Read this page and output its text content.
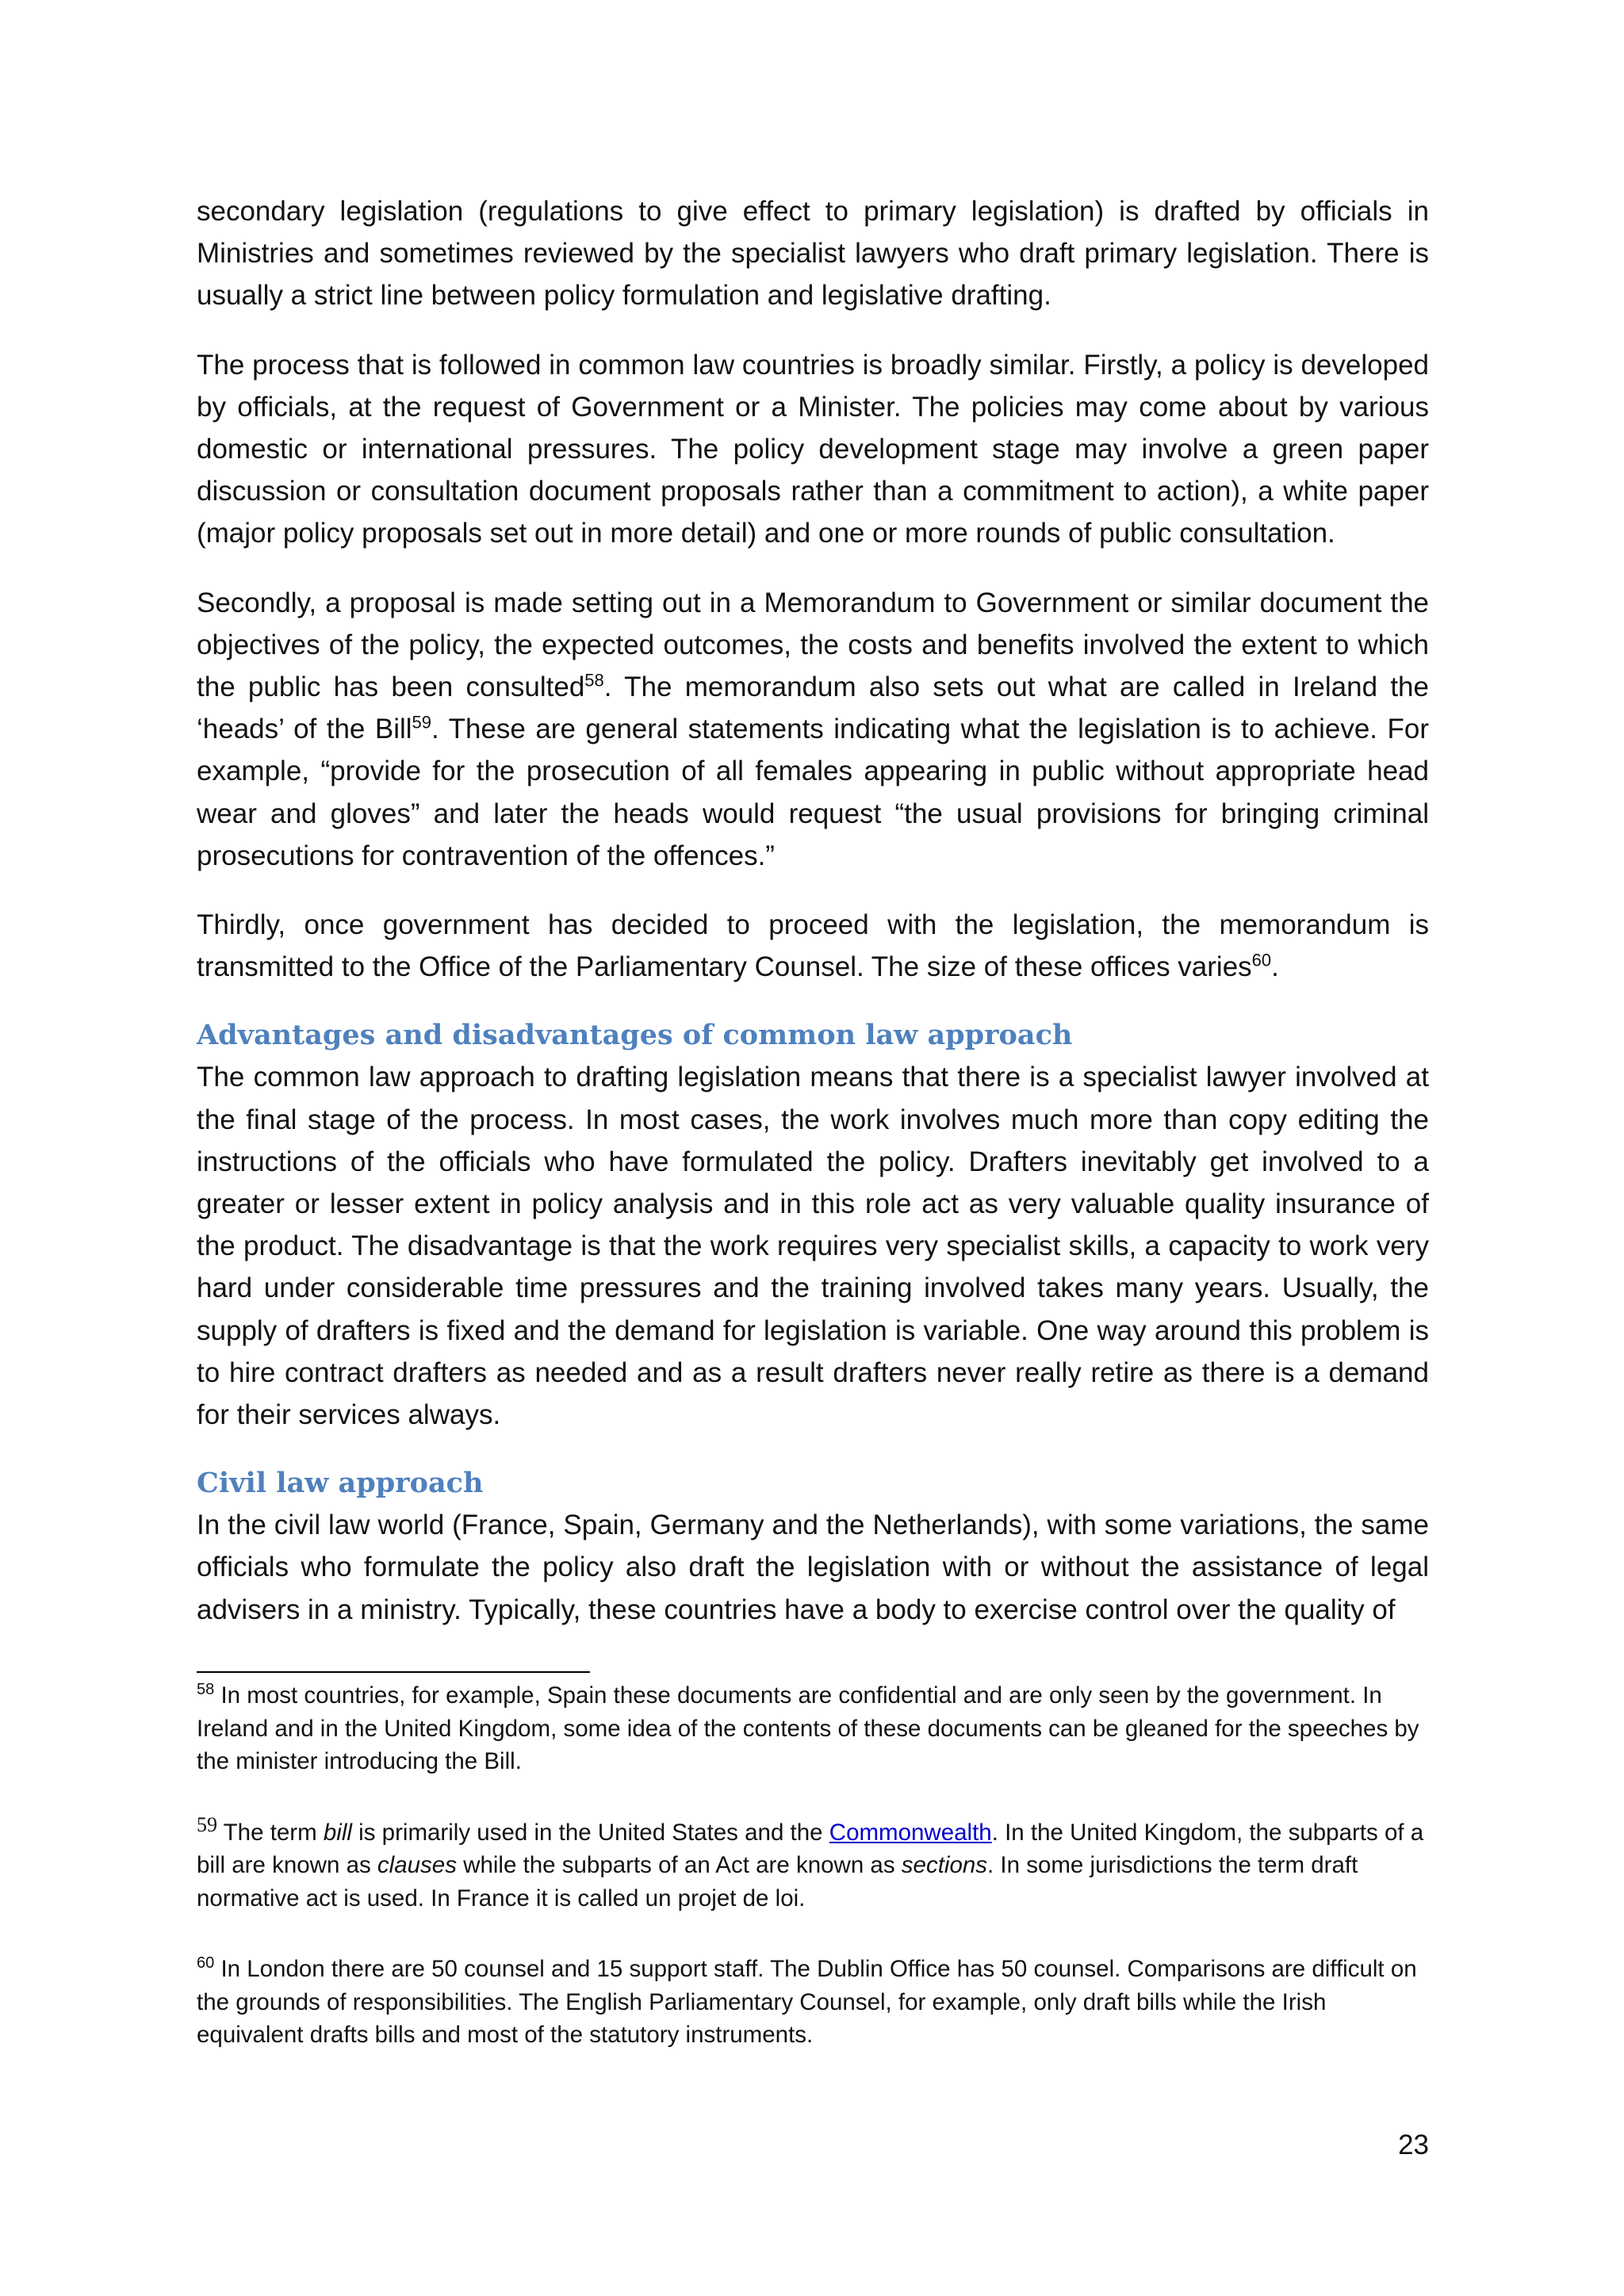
secondary legislation (regulations to give effect to primary legislation) is drafted by officials in Ministries and sometimes reviewed by the specialist lawyers who draft primary legislation. There is usually a strict line between policy formulation and legislative drafting.

The process that is followed in common law countries is broadly similar. Firstly, a policy is developed by officials, at the request of Government or a Minister. The policies may come about by various domestic or international pressures. The policy development stage may involve a green paper discussion or consultation document proposals rather than a commitment to action), a white paper (major policy proposals set out in more detail) and one or more rounds of public consultation.

Secondly, a proposal is made setting out in a Memorandum to Government or similar document the objectives of the policy, the expected outcomes, the costs and benefits involved the extent to which the public has been consulted$^{58}$. The memorandum also sets out what are called in Ireland the ‘heads’ of the Bill$^{59}$. These are general statements indicating what the legislation is to achieve. For example, “provide for the prosecution of all females appearing in public without appropriate head wear and gloves” and later the heads would request “the usual provisions for bringing criminal prosecutions for contravention of the offences.”

Thirdly, once government has decided to proceed with the legislation, the memorandum is transmitted to the Office of the Parliamentary Counsel. The size of these offices varies$^{60}$.

Advantages and disadvantages of common law approach

The common law approach to drafting legislation means that there is a specialist lawyer involved at the final stage of the process. In most cases, the work involves much more than copy editing the instructions of the officials who have formulated the policy. Drafters inevitably get involved to a greater or lesser extent in policy analysis and in this role act as very valuable quality insurance of the product. The disadvantage is that the work requires very specialist skills, a capacity to work very hard under considerable time pressures and the training involved takes many years. Usually, the supply of drafters is fixed and the demand for legislation is variable. One way around this problem is to hire contract drafters as needed and as a result drafters never really retire as there is a demand for their services always.

Civil law approach

In the civil law world (France, Spain, Germany and the Netherlands), with some variations, the same officials who formulate the policy also draft the legislation with or without the assistance of legal advisers in a ministry. Typically, these countries have a body to exercise control over the quality of

$^{58}$ In most countries, for example, Spain these documents are confidential and are only seen by the government. In Ireland and in the United Kingdom, some idea of the contents of these documents can be gleaned for the speeches by the minister introducing the Bill.

$^{59}$ The term bill is primarily used in the United States and the Commonwealth. In the United Kingdom, the subparts of a bill are known as clauses while the subparts of an Act are known as sections. In some jurisdictions the term draft normative act is used. In France it is called un projet de loi.

$^{60}$ In London there are 50 counsel and 15 support staff. The Dublin Office has 50 counsel. Comparisons are difficult on the grounds of responsibilities. The English Parliamentary Counsel, for example, only draft bills while the Irish equivalent drafts bills and most of the statutory instruments.

23
